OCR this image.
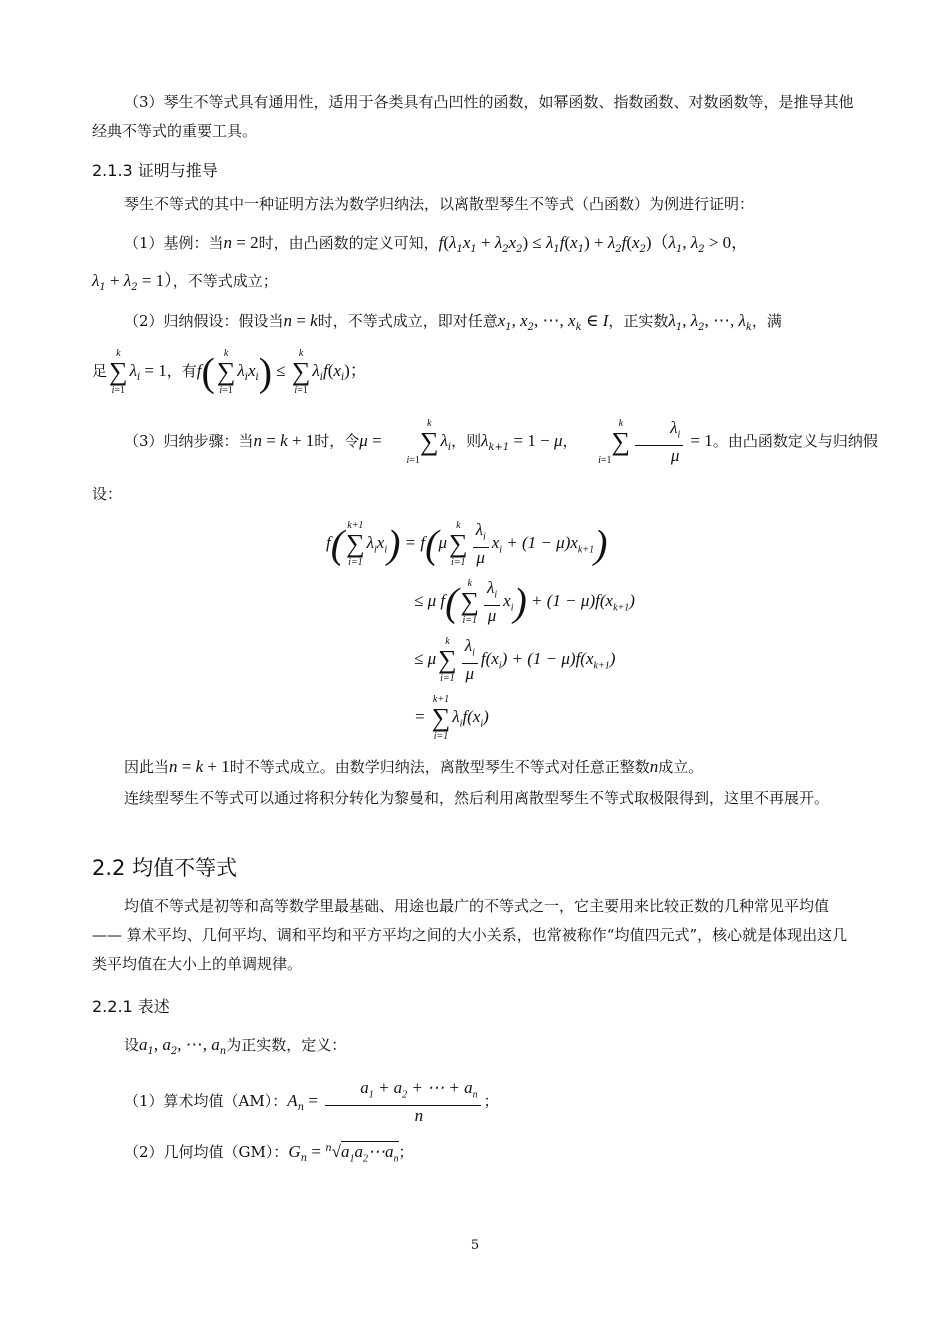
（3）琴生不等式具有通用性，适用于各类具有凸凹性的函数，如幂函数、指数函数、对数函数等，是推导其他经典不等式的重要工具。
2.1.3 证明与推导
琴生不等式的其中一种证明方法为数学归纳法，以离散型琴生不等式（凸函数）为例进行证明：
（1）基例：当n = 2时，由凸函数的定义可知，$f(\lambda_1x_1 + \lambda_2x_2) \le \lambda_1f(x_1) + \lambda_2f(x_2)(\lambda_1$, $\lambda_2 > 0$，
$\lambda_1 + \lambda_2 = 1$），不等式成立；
（2）归纳假设：假设当n = k时，不等式成立，即对任意$x_1$, $x_2$, ⋯, $x_k$ ∈ I，正实数$\lambda_1$, $\lambda_2$, ⋯, $\lambda_k$，满
足k
∑
$i=1\lambda_i = 1$，有f( k
∑
$i=1\lambda_ix_i) \le k$
∑
$i=1\lambda_if(x_i)$；
（3）归纳步骤：当n = k + 1时，令μ = k
∑
$i=1\lambda_i$，则$\lambda_{k+1} = 1 - \mu$，k
∑
$i=1 \frac{\lambda_i}{\mu} = 1$。由凸函数定义与归纳假
设：
f( k+1
∑
$i=1\lambda_ix_i) = f(\mu k$
∑
$i=1 \frac{\lambda_i}{\mu} x_i + (1 - \mu)x_{k+1}$)
≤ μ f( k
∑
$i=1 \frac{\lambda_i}{\mu} x_i) + (1 - \mu)f(x_{k+1})$
≤ μk
∑
$i=1 \frac{\lambda_i}{\mu} f(x_i) + (1 - \mu)f(x_{k+1})$
= k+1
∑
$i=1\lambda_if(x_i)$
因此当n = k + 1时不等式成立。由数学归纳法，离散型琴生不等式对任意正整数n成立。
连续型琴生不等式可以通过将积分转化为黎曼和，然后利用离散型琴生不等式取极限得到，这里不再展开。
2.2 均值不等式
均值不等式是初等和高等数学里最基础、用途也最广的不等式之一，它主要用来比较正数的几种常见平均值 —— 算术平均、几何平均、调和平均和平方平均之间的大小关系，也常被称作“均值四元式”，核心就是体现出这几类平均值在大小上的单调规律。
2.2.1 表述
设$a_1$, $a_2$, ⋯, $a_n$为正实数，定义：
（1）算术均值（AM）：$A_n = \frac{a_1 + a_2 + \cdots + a_n}{n}$ ；
（2）几何均值（GM）：$G_n$ = $^n√a_1a_2\cdots a_n$；
5
